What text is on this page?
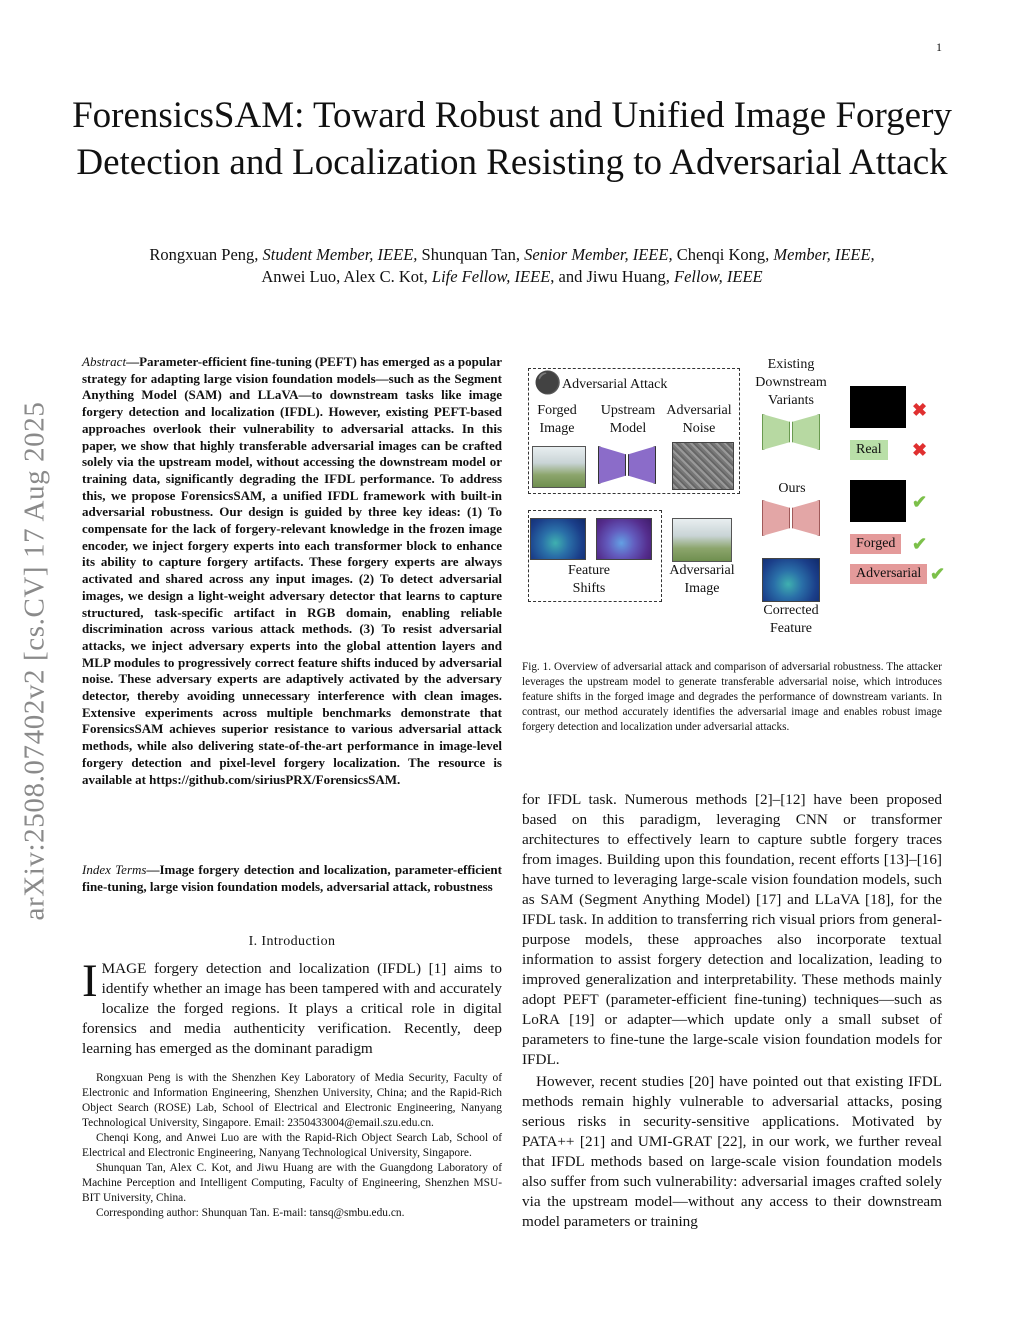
1
ForensicsSAM: Toward Robust and Unified Image Forgery Detection and Localization Resisting to Adversarial Attack
Rongxuan Peng, Student Member, IEEE, Shunquan Tan, Senior Member, IEEE, Chenqi Kong, Member, IEEE,
Anwei Luo, Alex C. Kot, Life Fellow, IEEE, and Jiwu Huang, Fellow, IEEE
arXiv:2508.07402v2 [cs.CV] 17 Aug 2025
Abstract—Parameter-efficient fine-tuning (PEFT) has emerged as a popular strategy for adapting large vision foundation models—such as the Segment Anything Model (SAM) and LLaVA—to downstream tasks like image forgery detection and localization (IFDL). However, existing PEFT-based approaches overlook their vulnerability to adversarial attacks. In this paper, we show that highly transferable adversarial images can be crafted solely via the upstream model, without accessing the downstream model or training data, significantly degrading the IFDL performance. To address this, we propose ForensicsSAM, a unified IFDL framework with built-in adversarial robustness. Our design is guided by three key ideas: (1) To compensate for the lack of forgery-relevant knowledge in the frozen image encoder, we inject forgery experts into each transformer block to enhance its ability to capture forgery artifacts. These forgery experts are always activated and shared across any input images. (2) To detect adversarial images, we design a light-weight adversary detector that learns to capture structured, task-specific artifact in RGB domain, enabling reliable discrimination across various attack methods. (3) To resist adversarial attacks, we inject adversary experts into the global attention layers and MLP modules to progressively correct feature shifts induced by adversarial noise. These adversary experts are adaptively activated by the adversary detector, thereby avoiding unnecessary interference with clean images. Extensive experiments across multiple benchmarks demonstrate that ForensicsSAM achieves superior resistance to various adversarial attack methods, while also delivering state-of-the-art performance in image-level forgery detection and pixel-level forgery localization. The resource is available at https://github.com/siriusPRX/ForensicsSAM.
Index Terms—Image forgery detection and localization, parameter-efficient fine-tuning, large vision foundation models, adversarial attack, robustness
I. Introduction
IMAGE forgery detection and localization (IFDL) [1] aims to identify whether an image has been tampered with and accurately localize the forged regions. It plays a critical role in digital forensics and media authenticity verification. Recently, deep learning has emerged as the dominant paradigm

Rongxuan Peng is with the Shenzhen Key Laboratory of Media Security, Faculty of Electronic and Information Engineering, Shenzhen University, China; and the Rapid-Rich Object Search (ROSE) Lab, School of Electrical and Electronic Engineering, Nanyang Technological University, Singapore. Email: 2350433004@email.szu.edu.cn.

Chenqi Kong, and Anwei Luo are with the Rapid-Rich Object Search Lab, School of Electrical and Electronic Engineering, Nanyang Technological University, Singapore.

Shunquan Tan, Alex C. Kot, and Jiwu Huang are with the Guangdong Laboratory of Machine Perception and Intelligent Computing, Faculty of Engineering, Shenzhen MSU-BIT University, China.

Corresponding author: Shunquan Tan. E-mail: tansq@smbu.edu.cn.

⚫ Adversarial Attack
Forged Image
Upstream Model
Adversarial Noise
Feature Shifts
Adversarial Image
Existing Downstream Variants	✖
Real	✖
Ours
✔
Forged ✔
Adversarial ✔
Corrected Feature
Fig. 1. Overview of adversarial attack and comparison of adversarial robustness. The attacker leverages the upstream model to generate transferable adversarial noise, which introduces feature shifts in the forged image and degrades the performance of downstream variants. In contrast, our method accurately identifies the adversarial image and enables robust image forgery detection and localization under adversarial attacks.

for IFDL task. Numerous methods [2]–[12] have been proposed based on this paradigm, leveraging CNN or transformer architectures to effectively learn to capture subtle forgery traces from images. Building upon this foundation, recent efforts [13]–[16] have turned to leveraging large-scale vision foundation models, such as SAM (Segment Anything Model) [17] and LLaVA [18], for the IFDL task. In addition to transferring rich visual priors from general-purpose models, these approaches also incorporate textual information to assist forgery detection and localization, leading to improved generalization and interpretability. These methods mainly adopt PEFT (parameter-efficient fine-tuning) techniques—such as LoRA [19] or adapter—which update only a small subset of parameters to fine-tune the large-scale vision foundation models for IFDL.

However, recent studies [20] have pointed out that existing IFDL methods remain highly vulnerable to adversarial attacks, posing serious risks in security-sensitive applications. Motivated by PATA++ [21] and UMI-GRAT [22], in our work, we further reveal that IFDL methods based on large-scale vision foundation models also suffer from such vulnerability: adversarial images crafted solely via the upstream model—without any access to their downstream model parameters or training
